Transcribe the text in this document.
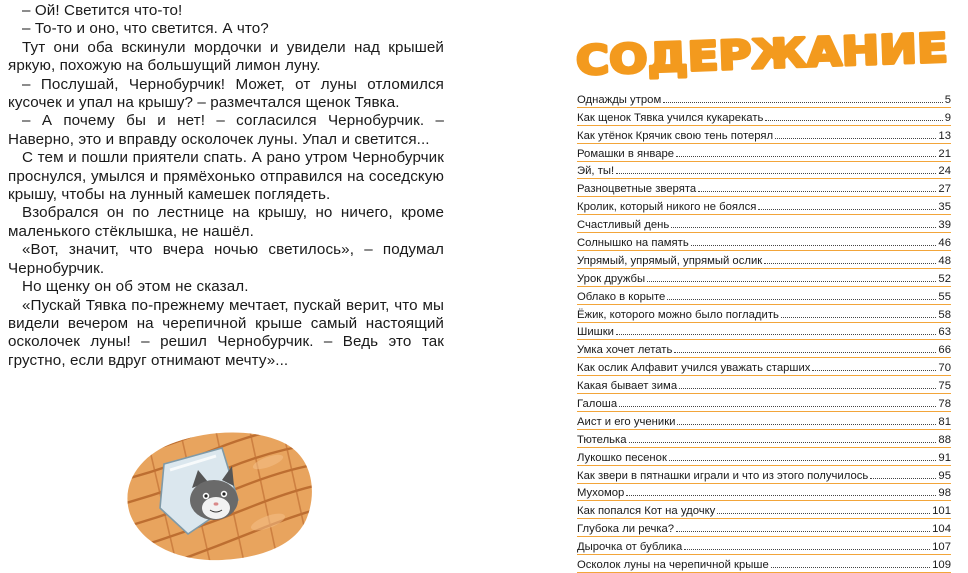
– Ой! Светится что-то!

– То-то и оно, что светится. А что?

Тут они оба вскинули мордочки и увидели над крышей яркую, похожую на большущий лимон луну.

– Послушай, Чернобурчик! Может, от луны отломился кусочек и упал на крышу? – размечтался щенок Тявка.

– А почему бы и нет! – согласился Чернобурчик. – Наверно, это и вправду осколочек луны. Упал и светится...

С тем и пошли приятели спать. А рано утром Чернобурчик проснулся, умылся и прямёхонько отправился на соседскую крышу, чтобы на лунный камешек поглядеть.

Взобрался он по лестнице на крышу, но ничего, кроме маленького стёклышка, не нашёл.

«Вот, значит, что вчера ночью светилось», – подумал Чернобурчик.

Но щенку он об этом не сказал.

«Пускай Тявка по-прежнему мечтает, пускай верит, что мы видели вечером на черепичной крыше самый настоящий осколочек луны! – решил Чернобурчик. – Ведь это так грустно, если вдруг отнимают мечту»...

СОДЕРЖАНИЕ
Однажды утром	5
Как щенок Тявка учился кукарекать	9
Как утёнок Крячик свою тень потерял	13
Ромашки в январе	21
Эй, ты!	24
Разноцветные зверята	27
Кролик, который никого не боялся	35
Счастливый день	39
Солнышко на память	46
Упрямый, упрямый, упрямый ослик	48
Урок дружбы	52
Облако в корыте	55
Ёжик, которого можно было погладить	58
Шишки	63
Умка хочет летать	66
Как ослик Алфавит учился уважать старших	70
Какая бывает зима	75
Галоша	78
Аист и его ученики	81
Тютелька	88
Лукошко песенок	91
Как звери в пятнашки играли и что из этого получилось	95
Мухомор	98
Как попался Кот на удочку	101
Глубока ли речка?	104
Дырочка от бублика	107
Осколок луны на черепичной крыше	109
